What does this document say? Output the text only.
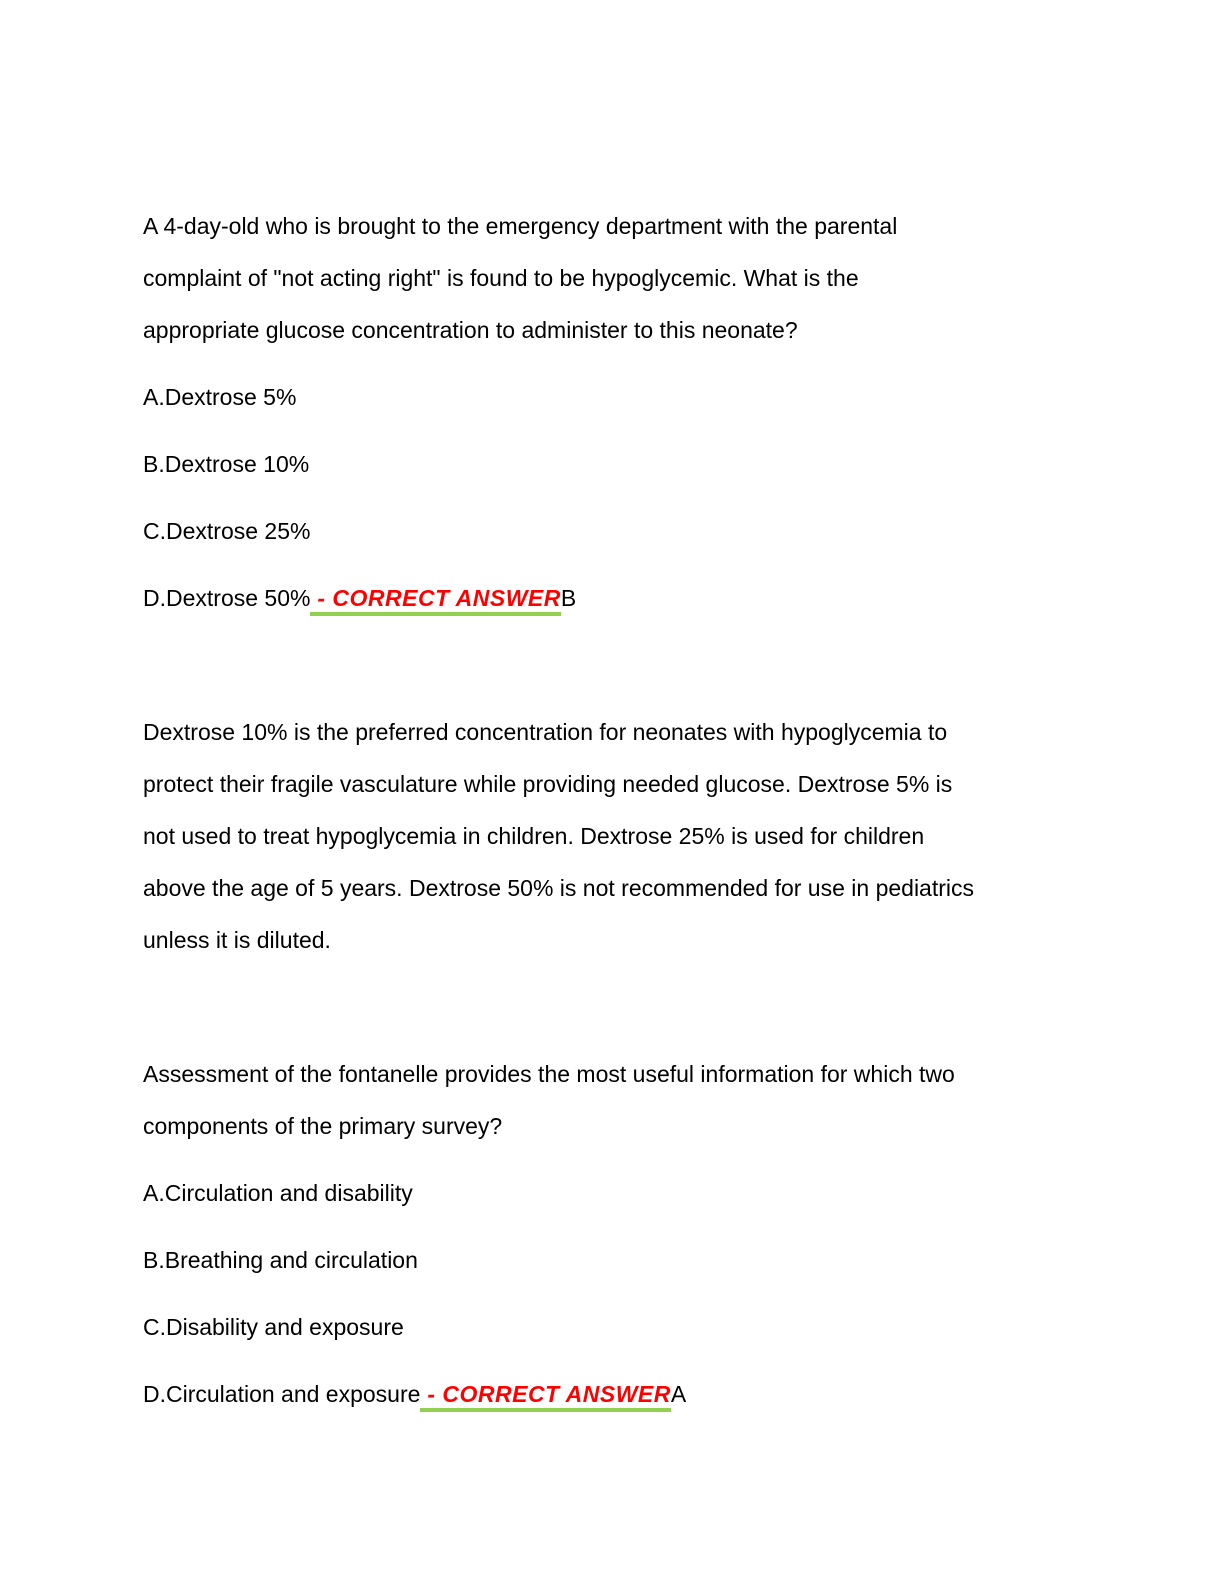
A 4-day-old who is brought to the emergency department with the parental
complaint of "not acting right" is found to be hypoglycemic. What is the
appropriate glucose concentration to administer to this neonate?
A.Dextrose 5%
B.Dextrose 10%
C.Dextrose 25%
D.Dextrose 50% - CORRECT ANSWERB
Dextrose 10% is the preferred concentration for neonates with hypoglycemia to
protect their fragile vasculature while providing needed glucose. Dextrose 5% is
not used to treat hypoglycemia in children. Dextrose 25% is used for children
above the age of 5 years. Dextrose 50% is not recommended for use in pediatrics
unless it is diluted.
Assessment of the fontanelle provides the most useful information for which two
components of the primary survey?
A.Circulation and disability
B.Breathing and circulation
C.Disability and exposure
D.Circulation and exposure - CORRECT ANSWERA
